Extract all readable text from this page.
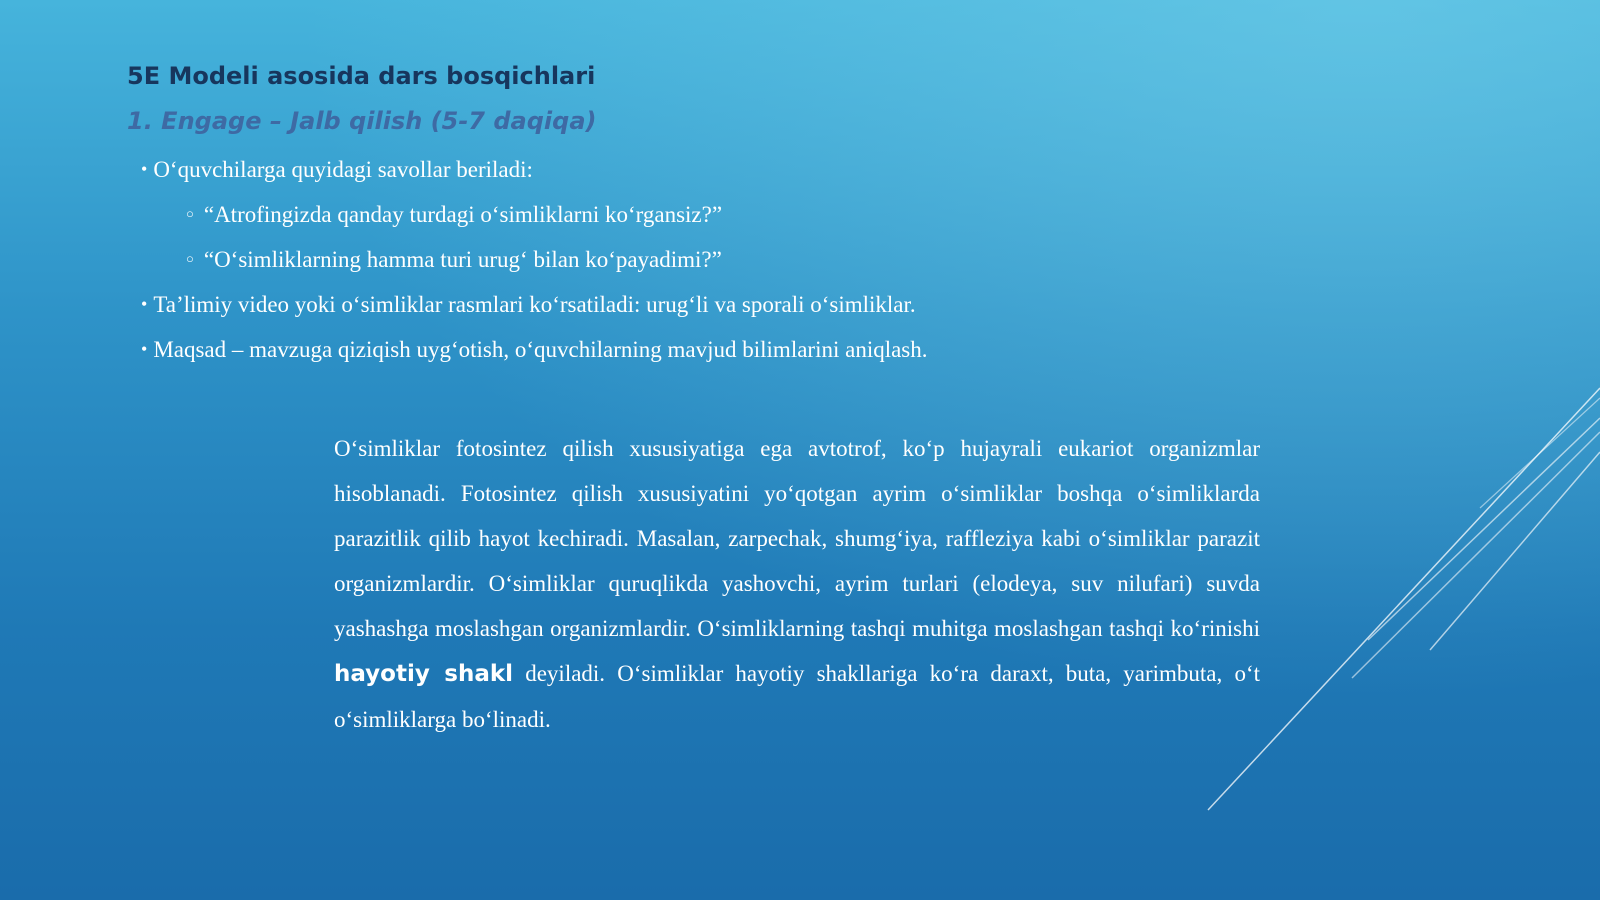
5E Modeli asosida dars bosqichlari
1. Engage – Jalb qilish (5-7 daqiqa)
• O‘quvchilarga quyidagi savollar beriladi:
○ “Atrofingizda qanday turdagi o‘simliklarni ko‘rgansiz?”
○ “O‘simliklarning hamma turi urug‘ bilan ko‘payadimi?”
• Ta’limiy video yoki o‘simliklar rasmlari ko‘rsatiladi: urug‘li va sporali o‘simliklar.
• Maqsad – mavzuga qiziqish uyg‘otish, o‘quvchilarning mavjud bilimlarini aniqlash.
O‘simliklar fotosintez qilish xususiyatiga ega avtotrof, ko‘p hujayrali eukariot organizmlar hisoblanadi. Fotosintez qilish xususiyatini yo‘qotgan ayrim o‘simliklar boshqa o‘simliklarda parazitlik qilib hayot kechiradi. Masalan, zarpechak, shumg‘iya, raffleziya kabi o‘simliklar parazit organizmlardir. O‘simliklar quruqlikda yashovchi, ayrim turlari (elodeya, suv nilufari) suvda yashashga moslashgan organizmlardir. O‘simliklarning tashqi muhitga moslashgan tashqi ko‘rinishi hayotiy shakl deyiladi. O‘simliklar hayotiy shakllariga ko‘ra daraxt, buta, yarimbuta, o‘t o‘simliklarga bo‘linadi.
